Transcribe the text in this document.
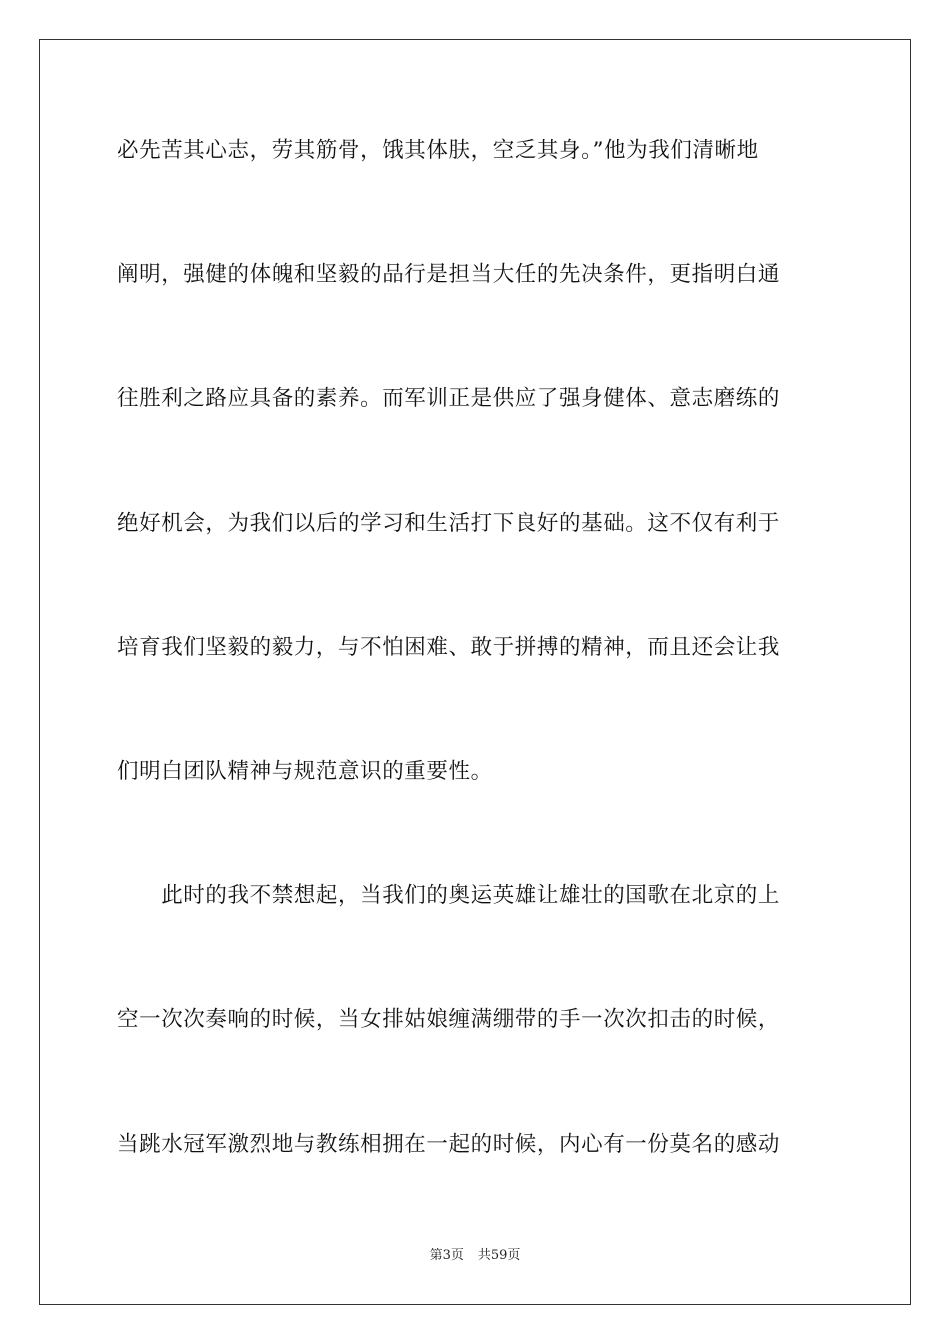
必先苦其心志，劳其筋骨，饿其体肤，空乏其身。”他为我们清晰地
阐明，强健的体魄和坚毅的品行是担当大任的先决条件，更指明白通
往胜利之路应具备的素养。而军训正是供应了强身健体、意志磨练的
绝好机会，为我们以后的学习和生活打下良好的基础。这不仅有利于
培育我们坚毅的毅力，与不怕困难、敢于拼搏的精神，而且还会让我
们明白团队精神与规范意识的重要性。
　　此时的我不禁想起，当我们的奥运英雄让雄壮的国歌在北京的上
空一次次奏响的时候，当女排姑娘缠满绷带的手一次次扣击的时候，
当跳水冠军激烈地与教练相拥在一起的时候，内心有一份莫名的感动
第3页 共59页
